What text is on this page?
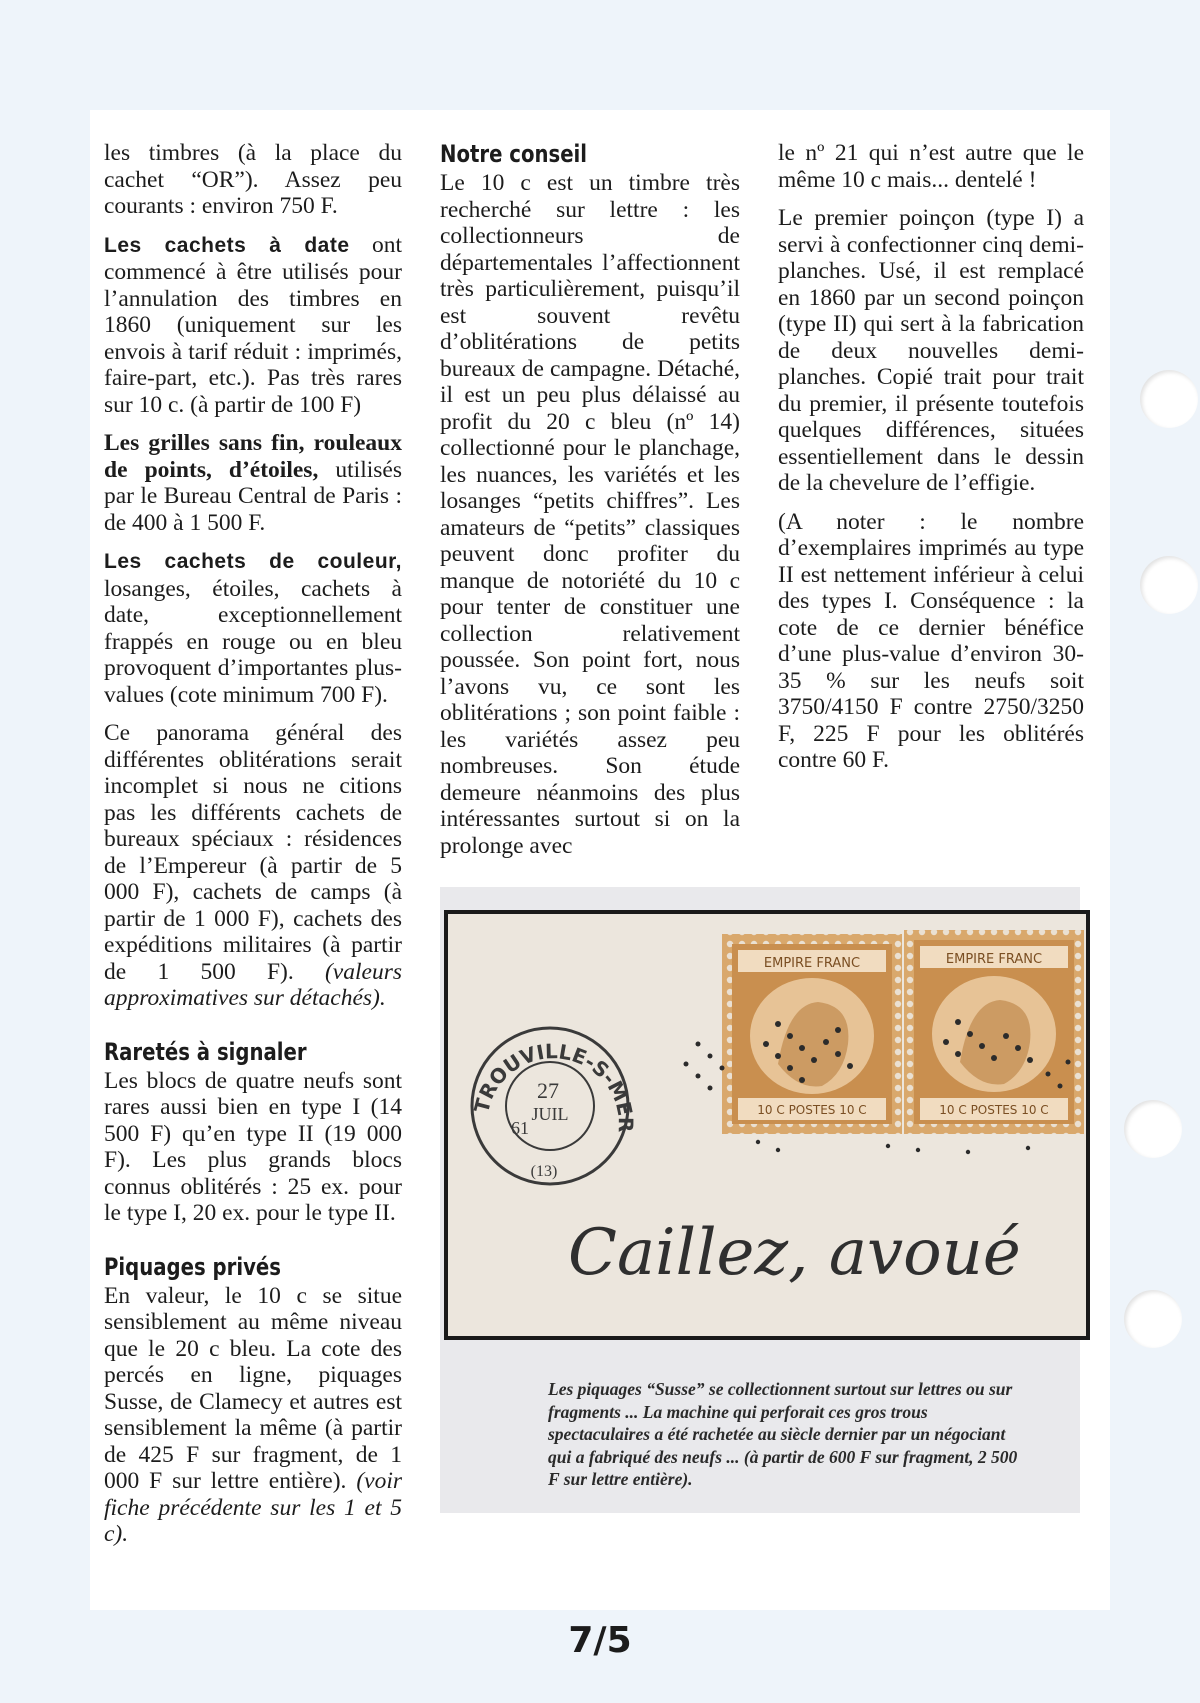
les timbres (à la place du cachet “OR”). Assez peu courants : environ 750 F.

Les cachets à date ont commencé à être utilisés pour l’annulation des timbres en 1860 (uniquement sur les envois à tarif réduit : imprimés, faire-part, etc.). Pas très rares sur 10 c. (à partir de 100 F)

Les grilles sans fin, rouleaux de points, d’étoiles, utilisés par le Bureau Central de Paris : de 400 à 1 500 F.

Les cachets de couleur, losanges, étoiles, cachets à date, exceptionnellement frappés en rouge ou en bleu provoquent d’importantes plus-values (cote minimum 700 F).

Ce panorama général des différentes oblitérations serait incomplet si nous ne citions pas les différents cachets de bureaux spéciaux : résidences de l’Empereur (à partir de 5 000 F), cachets de camps (à partir de 1 000 F), cachets des expéditions militaires (à partir de 1 500 F). (valeurs approximatives sur détachés).

Raretés à signaler

Les blocs de quatre neufs sont rares aussi bien en type I (14 500 F) qu’en type II (19 000 F). Les plus grands blocs connus oblitérés : 25 ex. pour le type I, 20 ex. pour le type II.

Piquages privés

En valeur, le 10 c se situe sensiblement au même niveau que le 20 c bleu. La cote des percés en ligne, piquages Susse, de Clamecy et autres est sensiblement la même (à partir de 425 F sur fragment, de 1 000 F sur lettre entière). (voir fiche précédente sur les 1 et 5 c).

Notre conseil

Le 10 c est un timbre très recherché sur lettre : les collectionneurs de départementales l’affectionnent très particulièrement, puisqu’il est souvent revêtu d’oblitérations de petits bureaux de campagne. Détaché, il est un peu plus délaissé au profit du 20 c bleu (nº 14) collectionné pour le planchage, les nuances, les variétés et les losanges “petits chiffres”. Les amateurs de “petits” classiques peuvent donc profiter du manque de notoriété du 10 c pour tenter de constituer une collection relativement poussée. Son point fort, nous l’avons vu, ce sont les oblitérations ; son point faible : les variétés assez peu nombreuses. Son étude demeure néanmoins des plus intéressantes surtout si on la prolonge avec

le nº 21 qui n’est autre que le même 10 c mais... dentelé !

Le premier poinçon (type I) a servi à confectionner cinq demi-planches. Usé, il est remplacé en 1860 par un second poinçon (type II) qui sert à la fabrication de deux nouvelles demi-planches. Copié trait pour trait du premier, il présente toutefois quelques différences, situées essentiellement dans le dessin de la chevelure de l’effigie.

(A noter : le nombre d’exemplaires imprimés au type II est nettement inférieur à celui des types I. Conséquence : la cote de ce dernier bénéfice d’une plus-value d’environ 30-35 % sur les neufs soit 3750/4150 F contre 2750/3250 F, 225 F pour les oblitérés contre 60 F.

TROUVILLE-S-MER
27
JUIL
61
(13)
EMPIRE FRANC
10 C POSTES 10 C
EMPIRE FRANC
10 C POSTES 10 C
Caillez, avoué
Les piquages “Susse” se collectionnent surtout sur lettres ou sur fragments ... La machine qui perforait ces gros trous spectaculaires a été rachetée au siècle dernier par un négociant qui a fabriqué des neufs ... (à partir de 600 F sur fragment, 2 500 F sur lettre entière).
7/5
